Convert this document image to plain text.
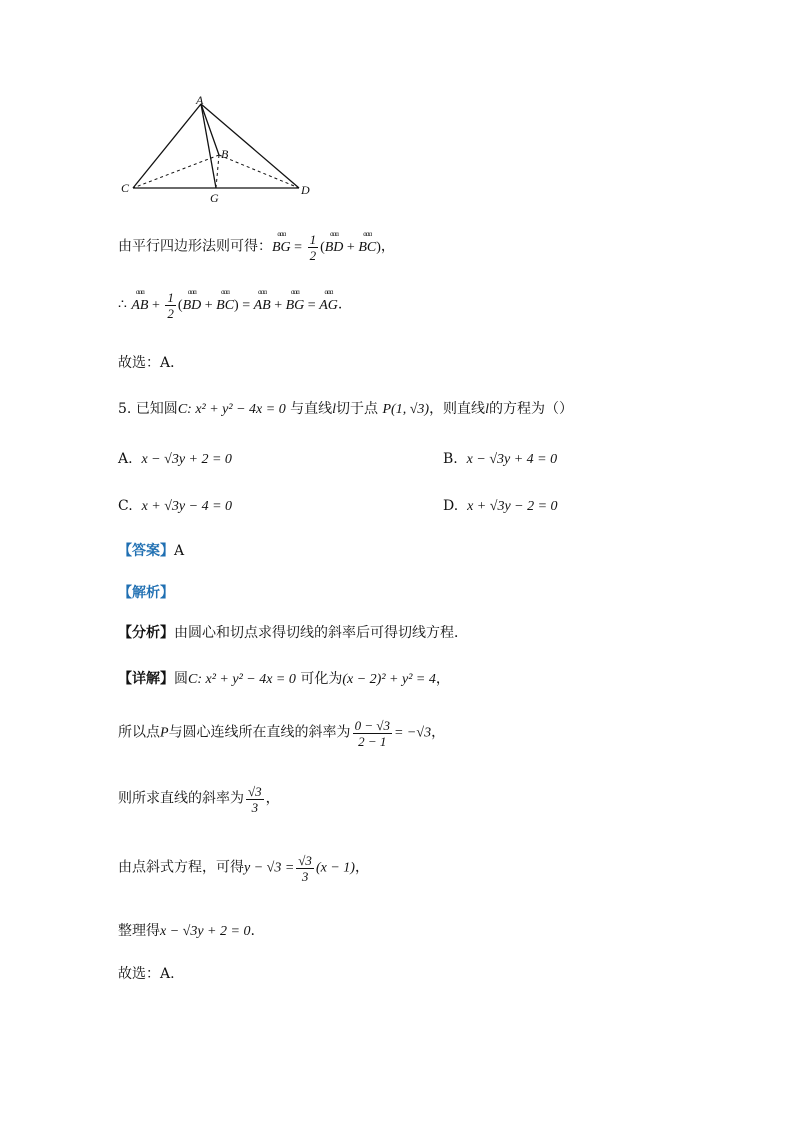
A
B
C	D
G
由平行四边形法则可得：
ɑɑɑ
BG = $\frac{1}{2}$ (
ɑɑɑ
BD +
ɑɑɑ
BC)，
∴
ɑɑɑ
AB + $\frac{1}{2}$ (
ɑɑɑ
BD +
ɑɑɑ
BC) =
ɑɑɑ
AB +
ɑɑɑ
BG =
ɑɑɑ
AG.
故选：A．
5. 已知圆C: x² + y² − 4x = 0 与直线l切于点 P(1, √3)，则直线l的方程为（）
A. x − √3y + 2 = 0	B. x − √3y + 4 = 0
C. x + √3y − 4 = 0	D. x + √3y − 2 = 0
【答案】A
【解析】
【分析】由圆心和切点求得切线的斜率后可得切线方程．
【详解】圆C: x² + y² − 4x = 0 可化为(x − 2)² + y² = 4，
所以点P与圆心连线所在直线的斜率为 $\frac{0 - √3}{2 - 1} = -√3$，
则所求直线的斜率为 $\frac{√3}{3}$ ，
由点斜式方程，可得$y - √3 = \frac{√3}{3} (x - 1)$，
整理得x − √3y + 2 = 0.
故选：A.
